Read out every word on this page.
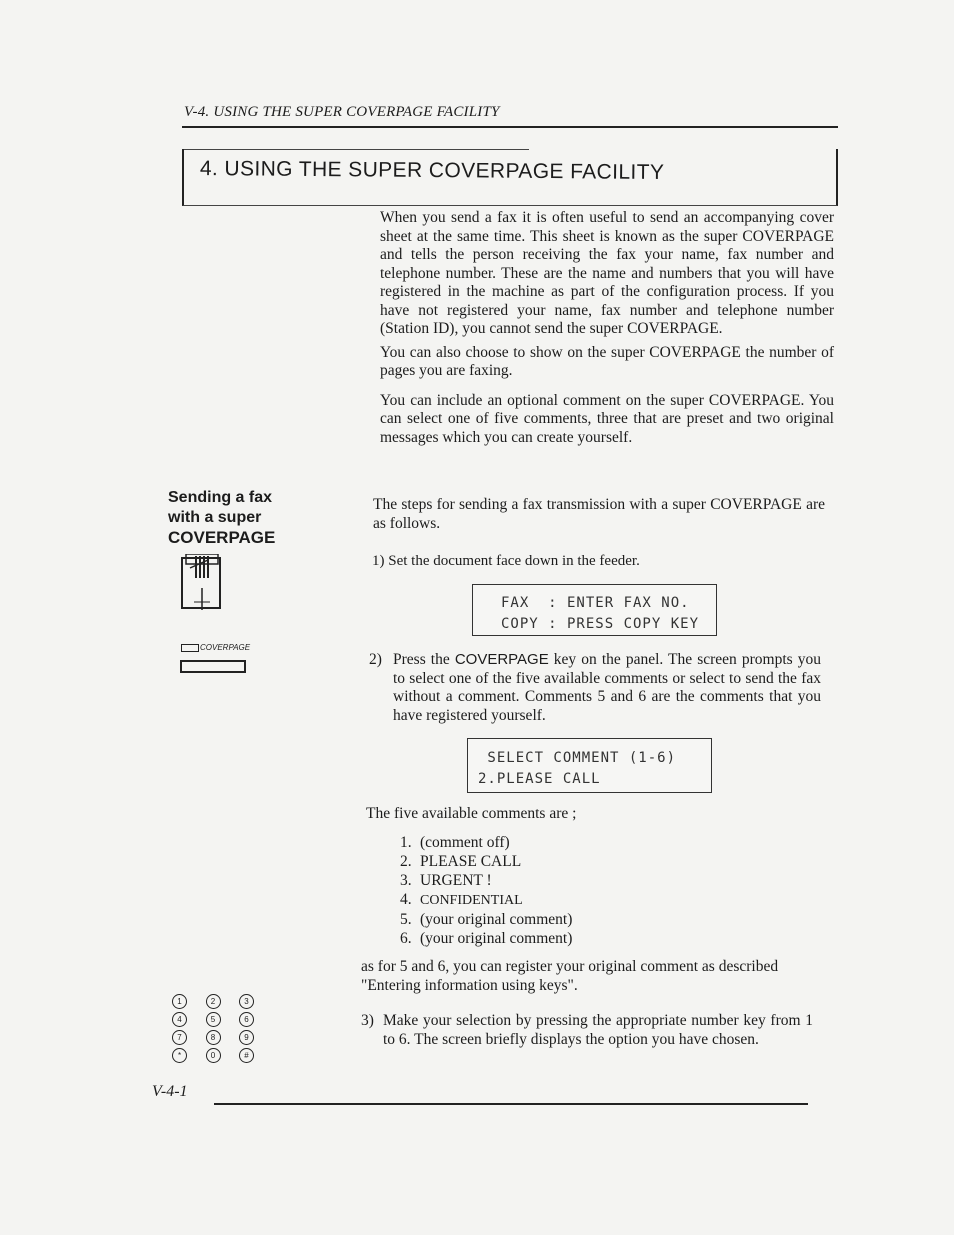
V-4. USING THE SUPER COVERPAGE FACILITY
4. USING THE SUPER COVERPAGE FACILITY

When you send a fax it is often useful to send an accompanying cover sheet at the same time. This sheet is known as the super COVERPAGE and tells the person receiving the fax your name, fax number and telephone number. These are the name and numbers that you will have registered in the machine as part of the configuration process. If you have not registered your name, fax number and telephone number (Station ID), you cannot send the super COVERPAGE.

You can also choose to show on the super COVERPAGE the number of pages you are faxing.

You can include an optional comment on the super COVERPAGE. You can select one of five comments, three that are preset and two original messages which you can create yourself.

Sending a fax
with a super
COVERPAGE
COVERPAGE
The steps for sending a fax transmission with a super COVERPAGE are as follows.
1) Set the document face down in the feeder.
FAX  : ENTER FAX NO.
COPY : PRESS COPY KEY
2) Press the COVERPAGE key on the panel. The screen prompts you to select one of the five available comments or select to send the fax without a comment. Comments 5 and 6 are the comments that you have registered yourself.
SELECT COMMENT (1-6)
2.PLEASE CALL
The five available comments are ;
1. (comment off)
2. PLEASE CALL
3. URGENT !
4. CONFIDENTIAL
5. (your original comment)
6. (your original comment)
as for 5 and 6, you can register your original comment as described "Entering information using keys".
1	2	3
4	5	6
7	8	9
*	0	#
3) Make your selection by pressing the appropriate number key from 1 to 6. The screen briefly displays the option you have chosen.
V-4-1
